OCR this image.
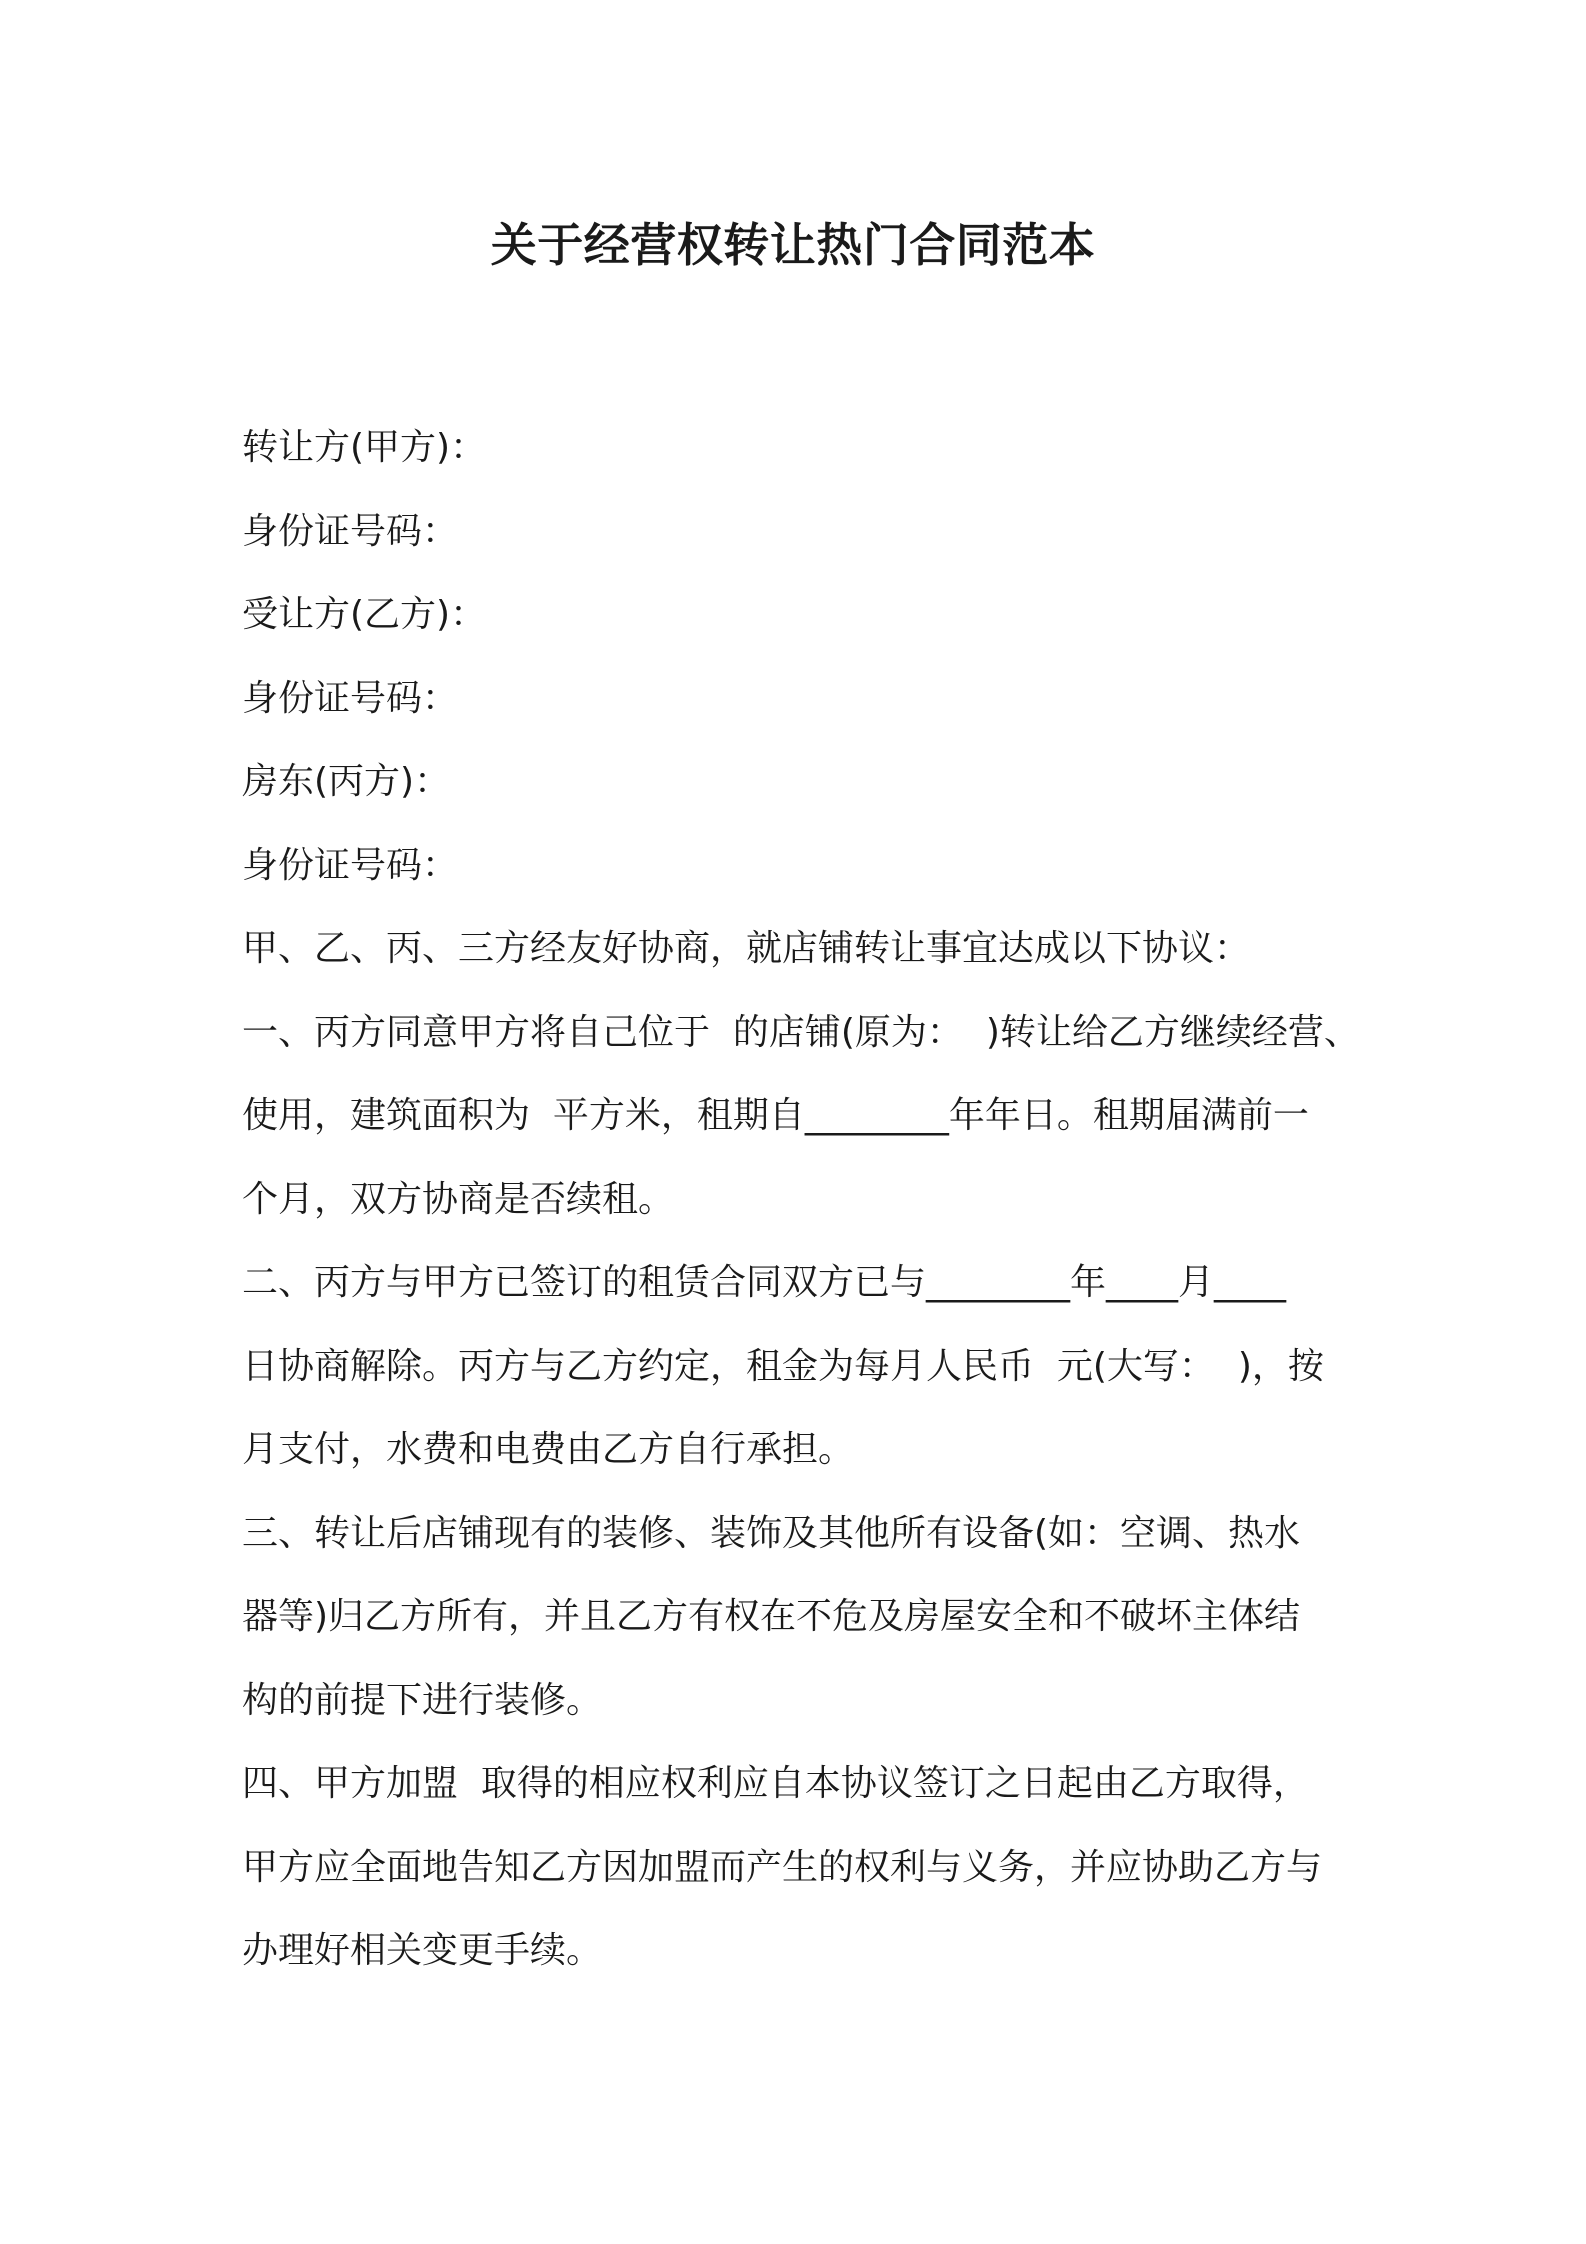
关于经营权转让热门合同范本
转让方(甲方)：
身份证号码：
受让方(乙方)：
身份证号码：
房东(丙方)：
身份证号码：
甲、乙、丙、三方经友好协商，就店铺转让事宜达成以下协议：
一、丙方同意甲方将自己位于  的店铺(原为：  )转让给乙方继续经营、
使用，建筑面积为  平方米，租期自________年年日。租期届满前一
个月，双方协商是否续租。
二、丙方与甲方已签订的租赁合同双方已与________年____月____
日协商解除。丙方与乙方约定，租金为每月人民币  元(大写：  )，按
月支付，水费和电费由乙方自行承担。
三、转让后店铺现有的装修、装饰及其他所有设备(如：空调、热水
器等)归乙方所有，并且乙方有权在不危及房屋安全和不破坏主体结
构的前提下进行装修。
四、甲方加盟  取得的相应权利应自本协议签订之日起由乙方取得，
甲方应全面地告知乙方因加盟而产生的权利与义务，并应协助乙方与
办理好相关变更手续。
